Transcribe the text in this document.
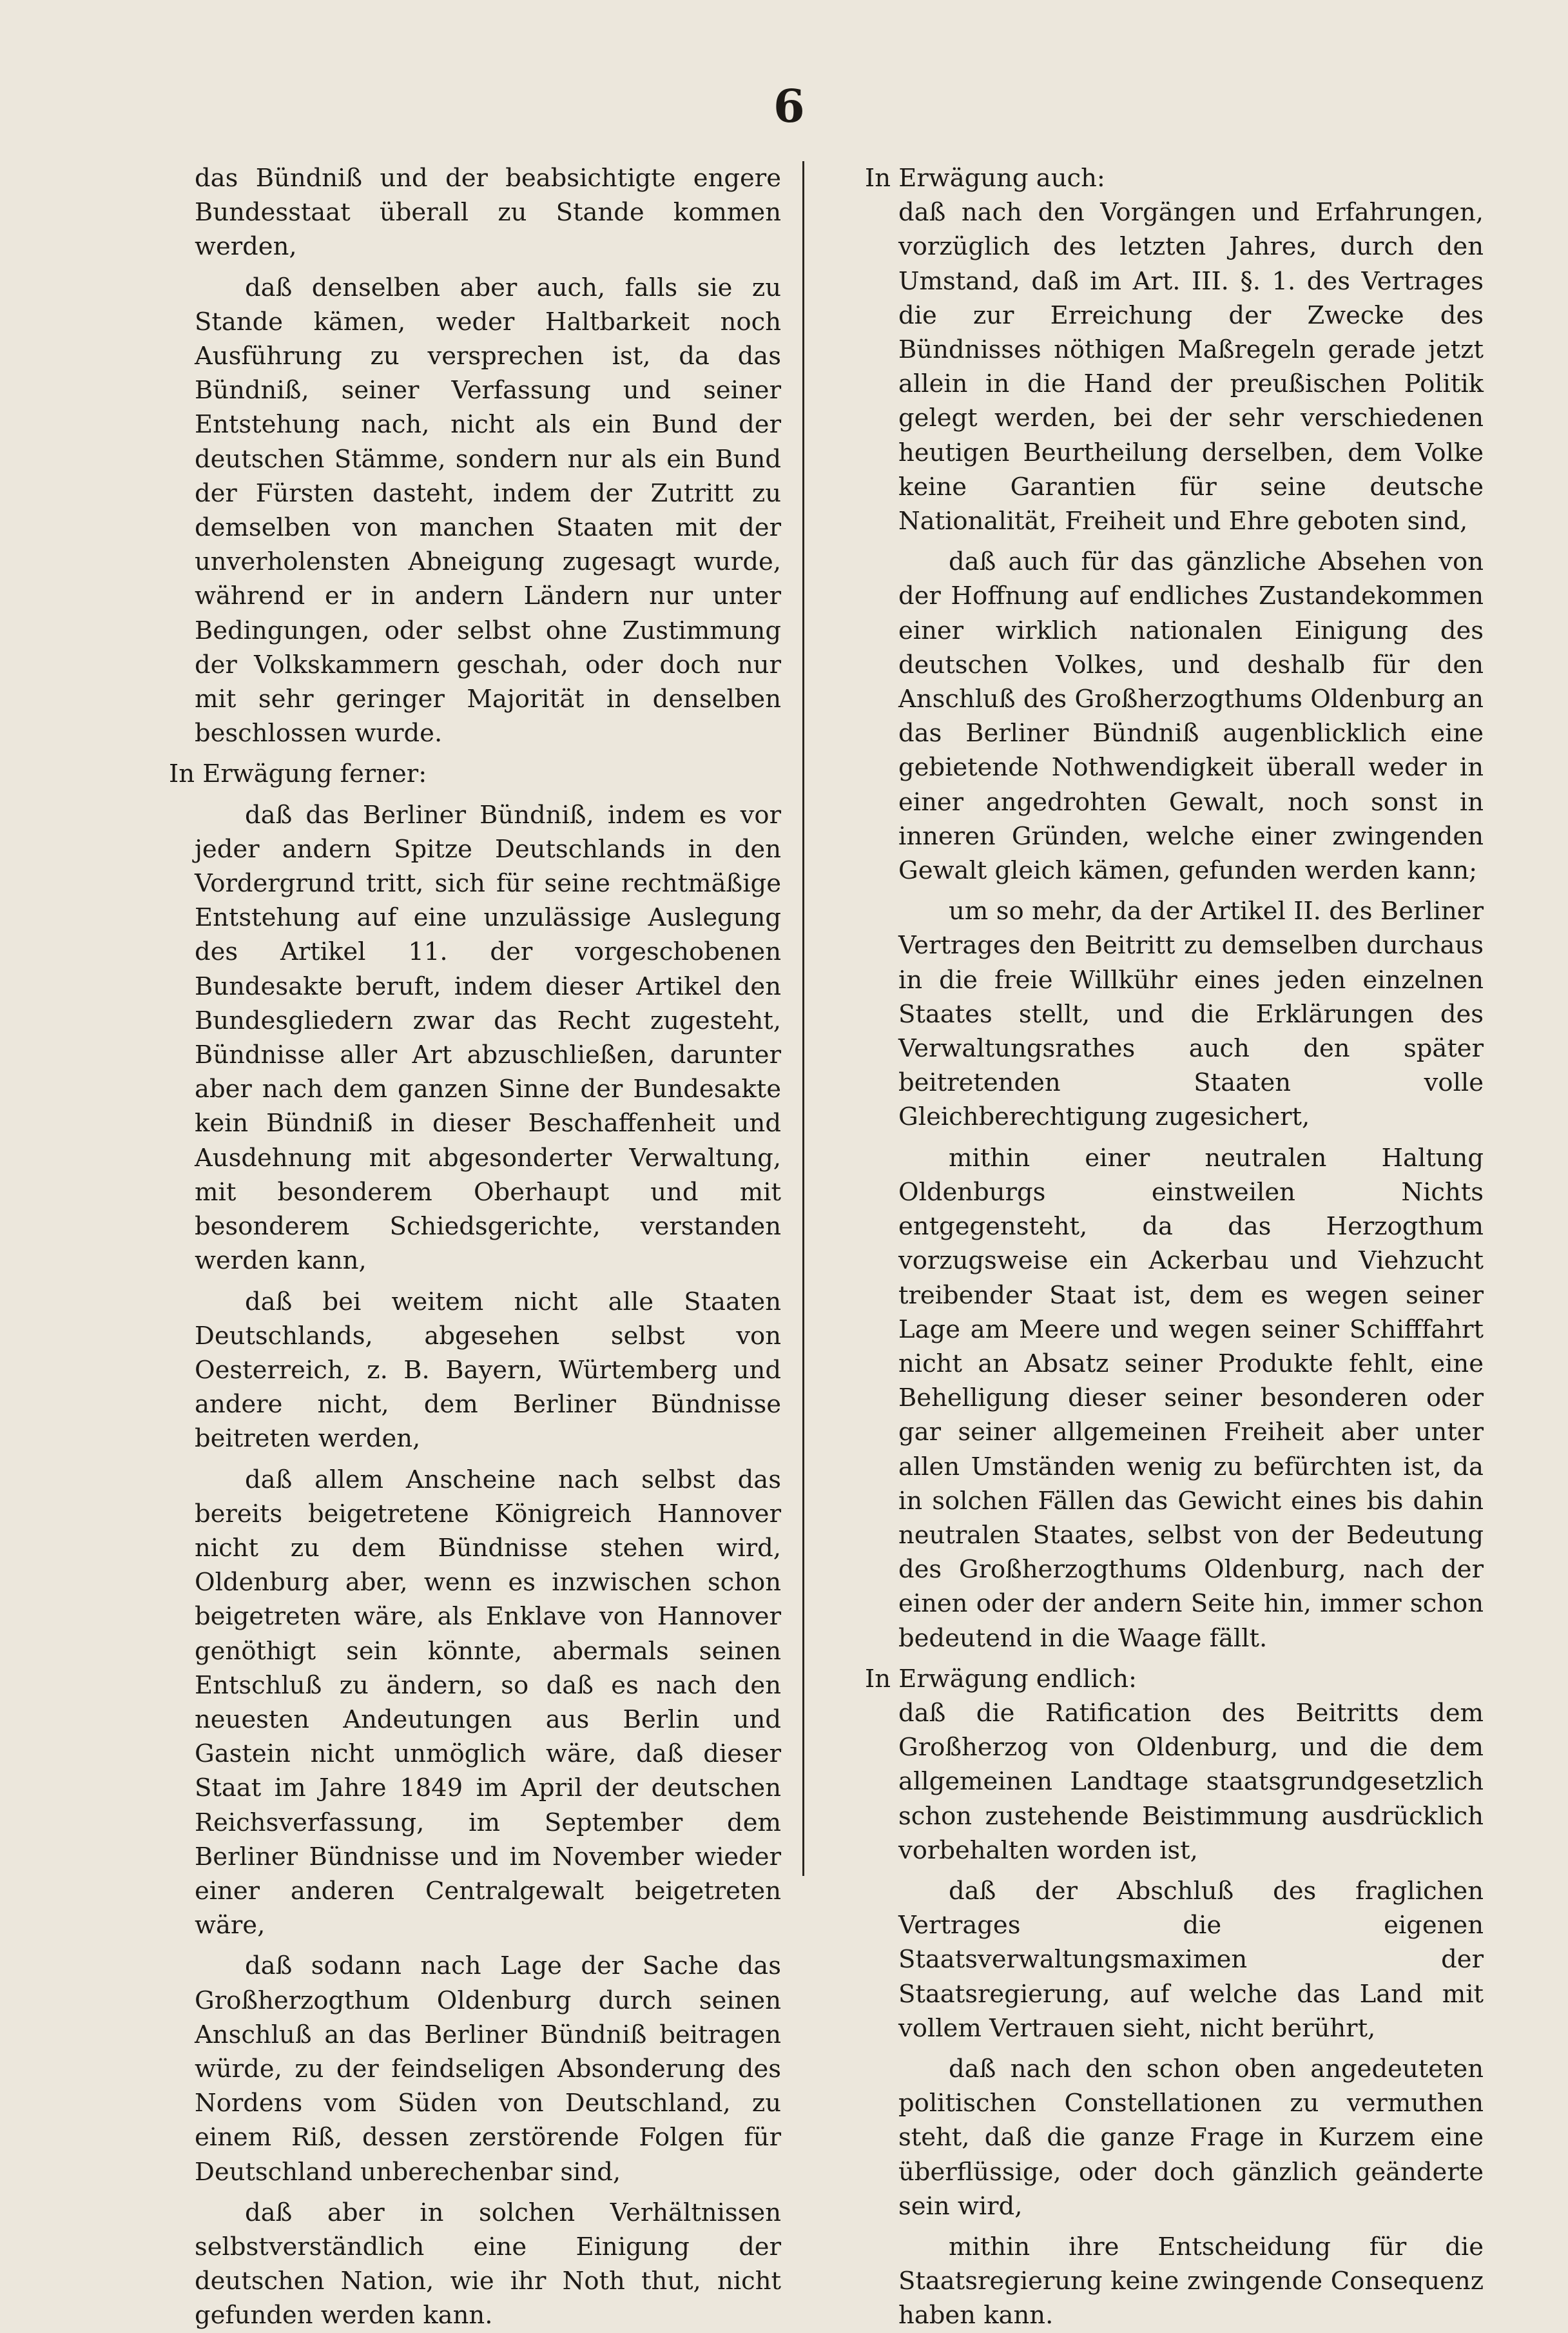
6

das Bündniß und der beabsichtigte engere Bundesstaat überall zu Stande kommen werden,

daß denselben aber auch, falls sie zu Stande kämen, weder Haltbarkeit noch Ausführung zu versprechen ist, da das Bündniß, seiner Verfassung und seiner Entstehung nach, nicht als ein Bund der deutschen Stämme, sondern nur als ein Bund der Fürsten dasteht, indem der Zutritt zu demselben von manchen Staaten mit der unverholensten Abneigung zugesagt wurde, während er in andern Ländern nur unter Bedingungen, oder selbst ohne Zustimmung der Volkskammern geschah, oder doch nur mit sehr geringer Majorität in denselben beschlossen wurde.

In Erwägung ferner:

daß das Berliner Bündniß, indem es vor jeder andern Spitze Deutschlands in den Vordergrund tritt, sich für seine rechtmäßige Entstehung auf eine unzulässige Auslegung des Artikel 11. der vorgeschobenen Bundesakte beruft, indem dieser Artikel den Bundesgliedern zwar das Recht zugesteht, Bündnisse aller Art abzuschließen, darunter aber nach dem ganzen Sinne der Bundesakte kein Bündniß in dieser Beschaffenheit und Ausdehnung mit abgesonderter Verwaltung, mit besonderem Oberhaupt und mit besonderem Schiedsgerichte, verstanden werden kann,

daß bei weitem nicht alle Staaten Deutschlands, abgesehen selbst von Oesterreich, z. B. Bayern, Würtemberg und andere nicht, dem Berliner Bündnisse beitreten werden,

daß allem Anscheine nach selbst das bereits beigetretene Königreich Hannover nicht zu dem Bündnisse stehen wird, Oldenburg aber, wenn es inzwischen schon beigetreten wäre, als Enklave von Hannover genöthigt sein könnte, abermals seinen Entschluß zu ändern, so daß es nach den neuesten Andeutungen aus Berlin und Gastein nicht unmöglich wäre, daß dieser Staat im Jahre 1849 im April der deutschen Reichsverfassung, im September dem Berliner Bündnisse und im November wieder einer anderen Centralgewalt beigetreten wäre,

daß sodann nach Lage der Sache das Großherzogthum Oldenburg durch seinen Anschluß an das Berliner Bündniß beitragen würde, zu der feindseligen Absonderung des Nordens vom Süden von Deutschland, zu einem Riß, dessen zerstörende Folgen für Deutschland unberechenbar sind,

daß aber in solchen Verhältnissen selbstverständlich eine Einigung der deutschen Nation, wie ihr Noth thut, nicht gefunden werden kann.

In Erwägung auch:

daß nach den Vorgängen und Erfahrungen, vorzüglich des letzten Jahres, durch den Umstand, daß im Art. III. §. 1. des Vertrages die zur Erreichung der Zwecke des Bündnisses nöthigen Maßregeln gerade jetzt allein in die Hand der preußischen Politik gelegt werden, bei der sehr verschiedenen heutigen Beurtheilung derselben, dem Volke keine Garantien für seine deutsche Nationalität, Freiheit und Ehre geboten sind,

daß auch für das gänzliche Absehen von der Hoffnung auf endliches Zustandekommen einer wirklich nationalen Einigung des deutschen Volkes, und deshalb für den Anschluß des Großherzogthums Oldenburg an das Berliner Bündniß augenblicklich eine gebietende Nothwendigkeit überall weder in einer angedrohten Gewalt, noch sonst in inneren Gründen, welche einer zwingenden Gewalt gleich kämen, gefunden werden kann;

um so mehr, da der Artikel II. des Berliner Vertrages den Beitritt zu demselben durchaus in die freie Willkühr eines jeden einzelnen Staates stellt, und die Erklärungen des Verwaltungsrathes auch den später beitretenden Staaten volle Gleichberechtigung zugesichert,

mithin einer neutralen Haltung Oldenburgs einstweilen Nichts entgegensteht, da das Herzogthum vorzugsweise ein Ackerbau und Viehzucht treibender Staat ist, dem es wegen seiner Lage am Meere und wegen seiner Schifffahrt nicht an Absatz seiner Produkte fehlt, eine Behelligung dieser seiner besonderen oder gar seiner allgemeinen Freiheit aber unter allen Umständen wenig zu befürchten ist, da in solchen Fällen das Gewicht eines bis dahin neutralen Staates, selbst von der Bedeutung des Großherzogthums Oldenburg, nach der einen oder der andern Seite hin, immer schon bedeutend in die Waage fällt.

In Erwägung endlich:

daß die Ratification des Beitritts dem Großherzog von Oldenburg, und die dem allgemeinen Landtage staatsgrundgesetzlich schon zustehende Beistimmung ausdrücklich vorbehalten worden ist,

daß der Abschluß des fraglichen Vertrages die eigenen Staatsverwaltungsmaximen der Staatsregierung, auf welche das Land mit vollem Vertrauen sieht, nicht berührt,

daß nach den schon oben angedeuteten politischen Constellationen zu vermuthen steht, daß die ganze Frage in Kurzem eine überflüssige, oder doch gänzlich geänderte sein wird,

mithin ihre Entscheidung für die Staatsregierung keine zwingende Consequenz haben kann.
